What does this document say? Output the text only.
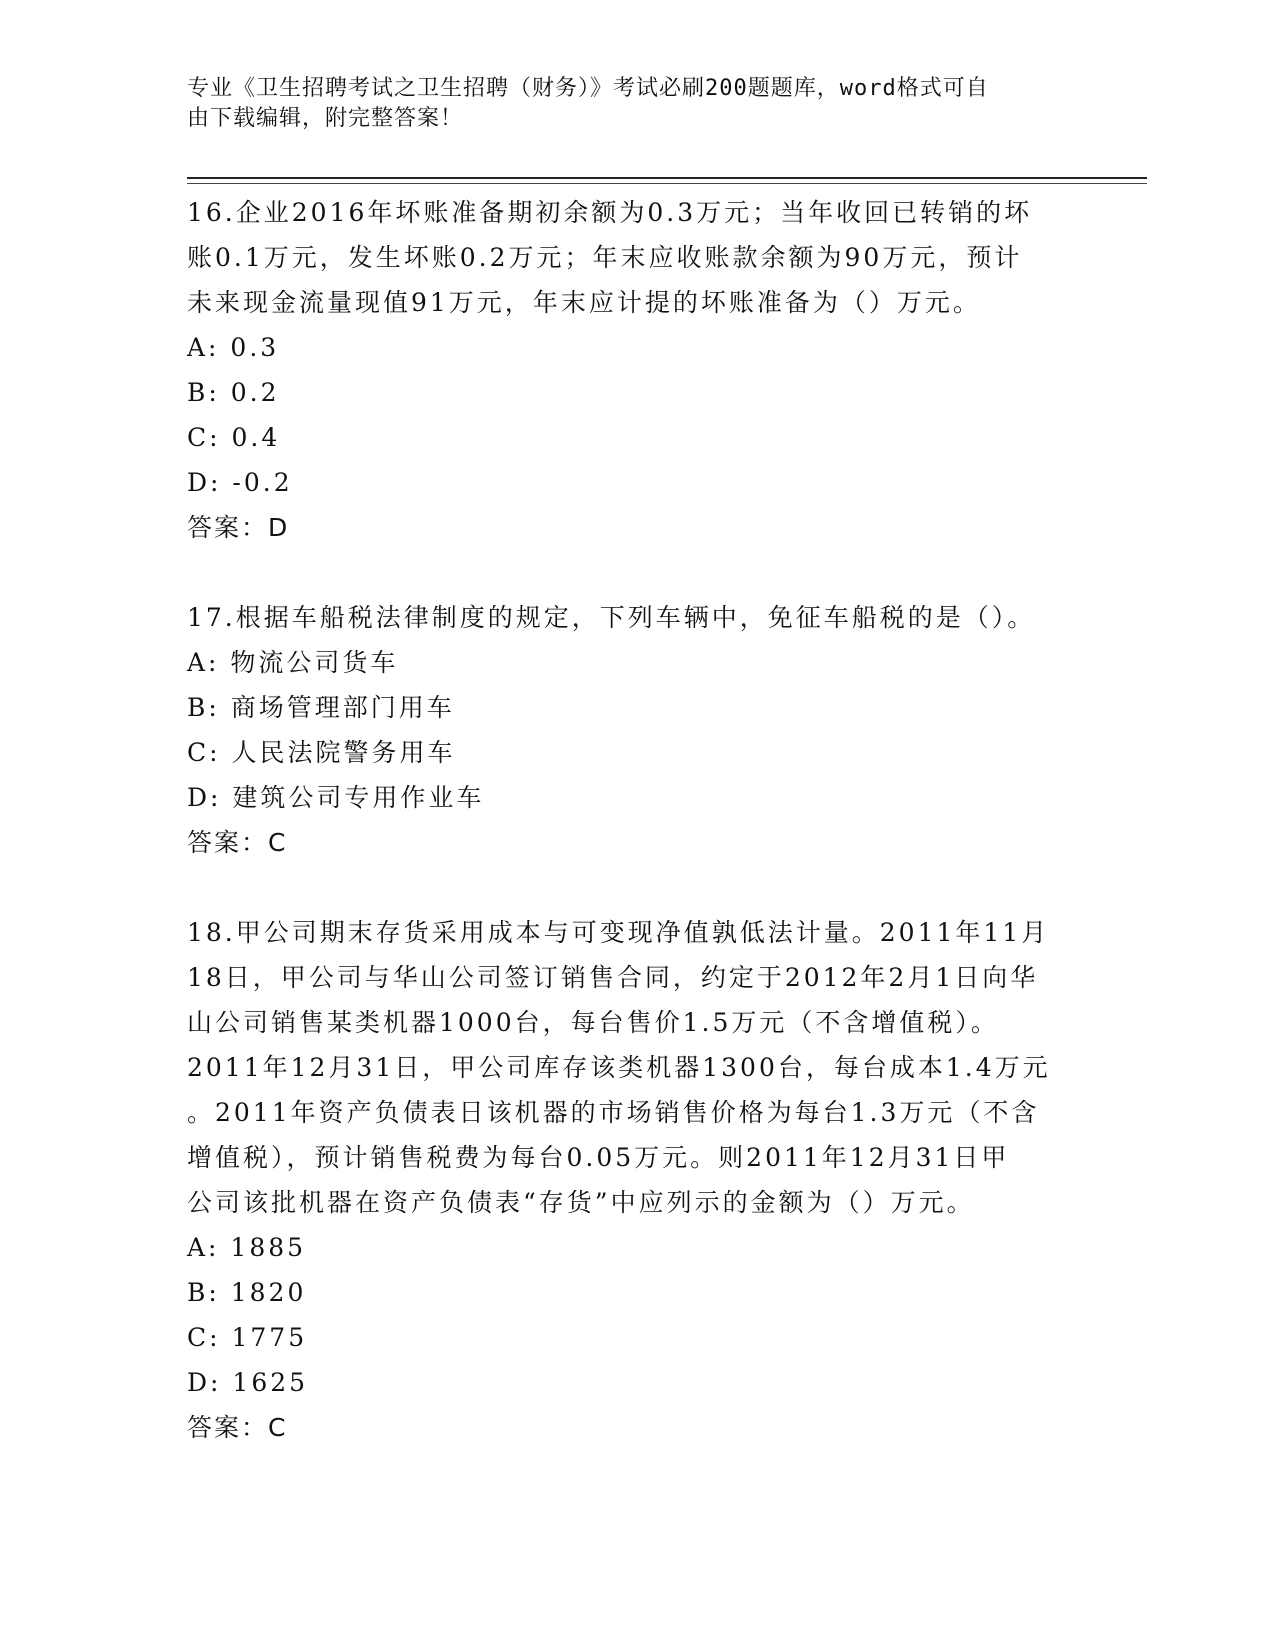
专业《卫生招聘考试之卫生招聘（财务）》考试必刷200题题库，word格式可自
由下载编辑，附完整答案！
16.企业2016年坏账准备期初余额为0.3万元；当年收回已转销的坏
账0.1万元，发生坏账0.2万元；年末应收账款余额为90万元，预计
未来现金流量现值91万元，年末应计提的坏账准备为（）万元。
A: 0.3
B: 0.2
C: 0.4
D: -0.2
答案：D
17.根据车船税法律制度的规定，下列车辆中，免征车船税的是（）。
A: 物流公司货车
B: 商场管理部门用车
C: 人民法院警务用车
D: 建筑公司专用作业车
答案：C
18.甲公司期末存货采用成本与可变现净值孰低法计量。2011年11月
18日，甲公司与华山公司签订销售合同，约定于2012年2月1日向华
山公司销售某类机器1000台，每台售价1.5万元（不含增值税）。
2011年12月31日，甲公司库存该类机器1300台，每台成本1.4万元
。2011年资产负债表日该机器的市场销售价格为每台1.3万元（不含
增值税），预计销售税费为每台0.05万元。则2011年12月31日甲
公司该批机器在资产负债表“存货”中应列示的金额为（）万元。
A: 1885
B: 1820
C: 1775
D: 1625
答案：C
